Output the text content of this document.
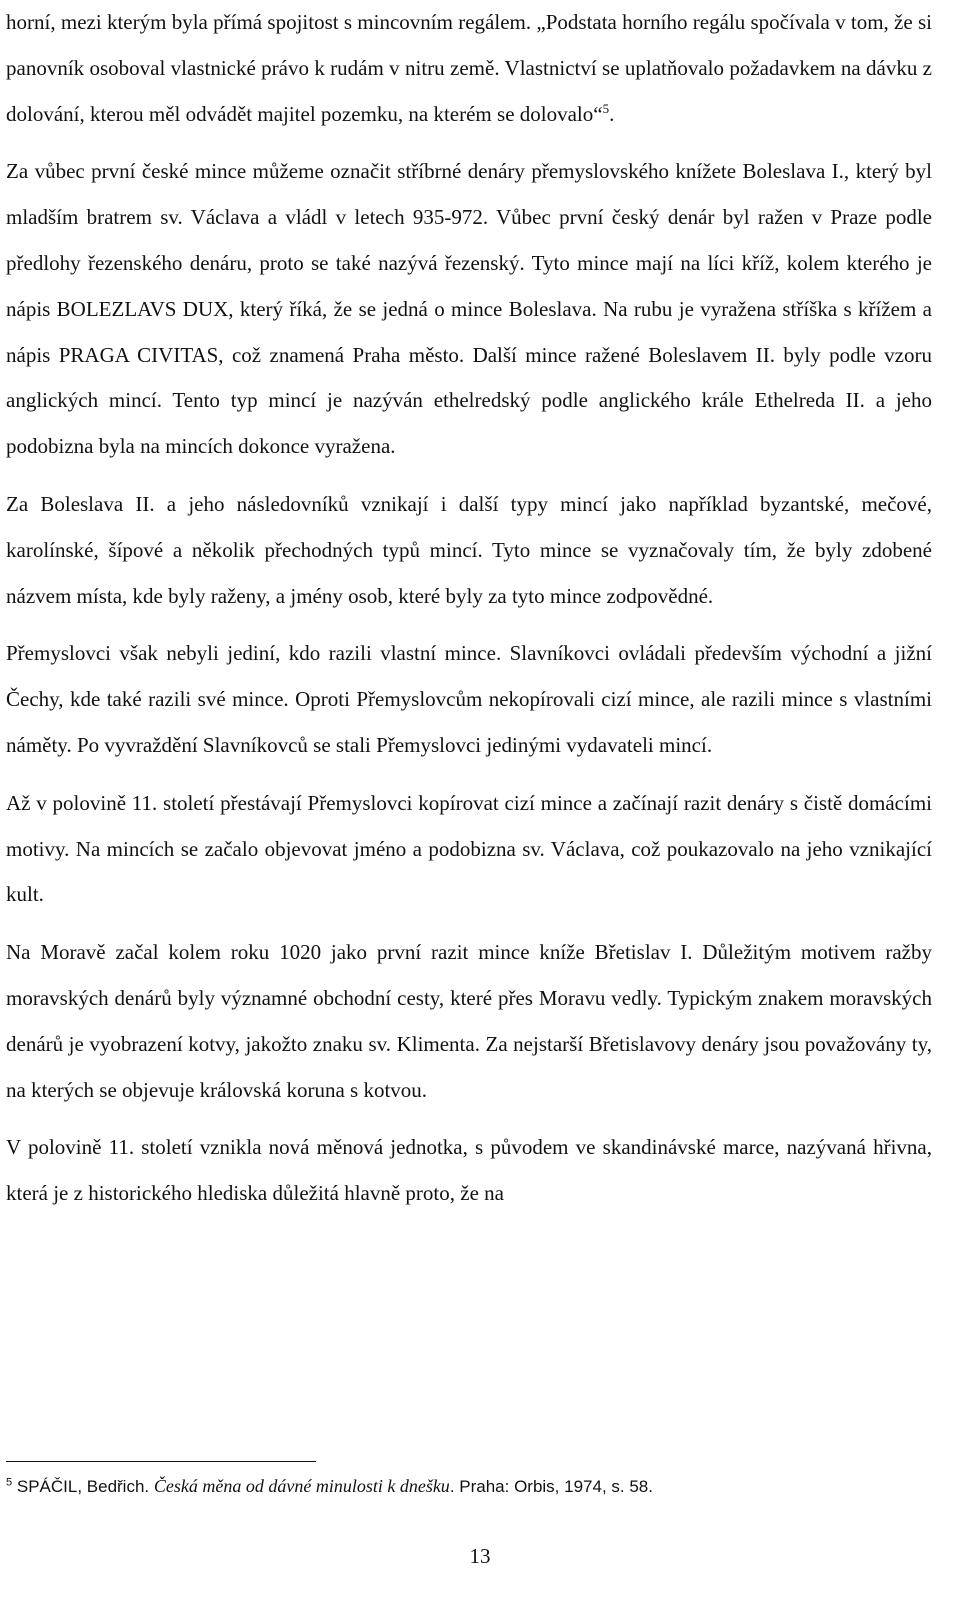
horní, mezi kterým byla přímá spojitost s mincovním regálem. „Podstata horního regálu spočívala v tom, že si panovník osoboval vlastnické právo k rudám v nitru země. Vlastnictví se uplatňovalo požadavkem na dávku z dolování, kterou měl odvádět majitel pozemku, na kterém se dolovalo“$^5$.

Za vůbec první české mince můžeme označit stříbrné denáry přemyslovského knížete Boleslava I., který byl mladším bratrem sv. Václava a vládl v letech 935-972. Vůbec první český denár byl ražen v Praze podle předlohy řezenského denáru, proto se také nazývá řezenský. Tyto mince mají na líci kříž, kolem kterého je nápis BOLEZLAVS DUX, který říká, že se jedná o mince Boleslava. Na rubu je vyražena stříška s křížem a nápis PRAGA CIVITAS, což znamená Praha město. Další mince ražené Boleslavem II. byly podle vzoru anglických mincí. Tento typ mincí je nazýván ethelredský podle anglického krále Ethelreda II. a jeho podobizna byla na mincích dokonce vyražena.

Za Boleslava II. a jeho následovníků vznikají i další typy mincí jako například byzantské, mečové, karolínské, šípové a několik přechodných typů mincí. Tyto mince se vyznačovaly tím, že byly zdobené názvem místa, kde byly raženy, a jmény osob, které byly za tyto mince zodpovědné.

Přemyslovci však nebyli jediní, kdo razili vlastní mince. Slavníkovci ovládali především východní a jižní Čechy, kde také razili své mince. Oproti Přemyslovcům nekopírovali cizí mince, ale razili mince s vlastními náměty. Po vyvraždění Slavníkovců se stali Přemyslovci jedinými vydavateli mincí.

Až v polovině 11. století přestávají Přemyslovci kopírovat cizí mince a začínají razit denáry s čistě domácími motivy. Na mincích se začalo objevovat jméno a podobizna sv. Václava, což poukazovalo na jeho vznikající kult.

Na Moravě začal kolem roku 1020 jako první razit mince kníže Břetislav I. Důležitým motivem ražby moravských denárů byly významné obchodní cesty, které přes Moravu vedly. Typickým znakem moravských denárů je vyobrazení kotvy, jakožto znaku sv. Klimenta. Za nejstarší Břetislavovy denáry jsou považovány ty, na kterých se objevuje královská koruna s kotvou.

V polovině 11. století vznikla nová měnová jednotka, s původem ve skandinávské marce, nazývaná hřivna, která je z historického hlediska důležitá hlavně proto, že na

$^5$ SPÁČIL, Bedřich. Česká měna od dávné minulosti k dnešku. Praha: Orbis, 1974, s. 58.
13
